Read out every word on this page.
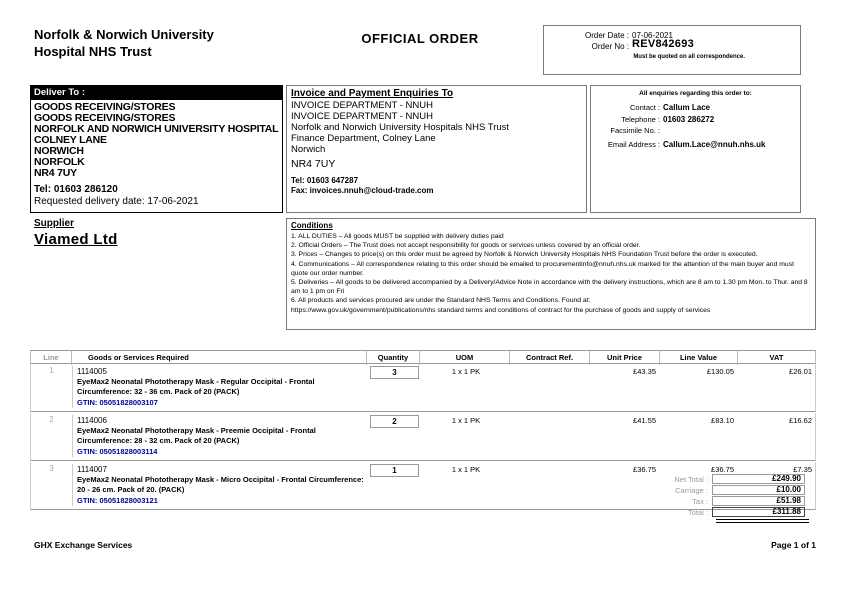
Norfolk & Norwich University
Hospital NHS Trust
OFFICIAL ORDER	Order Date : 07-06-2021
Order No : REV842693
Must be quoted on all correspondence.
Deliver To :
GOODS RECEIVING/STORES
GOODS RECEIVING/STORES
NORFOLK AND NORWICH UNIVERSITY HOSPITAL
COLNEY LANE
NORWICH
NORFOLK
NR4 7UY
Tel: 01603 286120
Requested delivery date: 17-06-2021
Invoice and Payment Enquiries To
INVOICE DEPARTMENT - NNUH
INVOICE DEPARTMENT - NNUH
Norfolk and Norwich University Hospitals NHS Trust
Finance Department, Colney Lane
Norwich
NR4 7UY
Tel: 01603 647287
Fax: invoices.nnuh@cloud-trade.com
All enquiries regarding this order to:
Contact : Callum Lace
Telephone : 01603 286272
Facsimile No. :
Email Address : Callum.Lace@nnuh.nhs.uk
Supplier
Viamed Ltd
Conditions
1. ALL DUTIES – All goods MUST be supplied with delivery duties paid
2. Official Orders – The Trust does not accept responsibility for goods or services unless covered by an official order.
3. Prices – Changes to price(s) on this order must be agreed by Norfolk & Norwich University Hospitals NHS Foundation Trust before the order is executed.
4. Communications – All correspondence relating to this order should be emailed to procurementinfo@nnuh.nhs.uk marked for the attention of the main buyer and must quote our order number.
5. Deliveries – All goods to be delivered accompanied by a Delivery/Advice Note in accordance with the delivery instructions, which are 8 am to 1.30 pm Mon. to Thur. and 8 am to 1 pm on Fri
6. All products and services procured are under the Standard NHS Terms and Conditions. Found at:
https://www.gov.uk/government/publications/nhs standard terms and conditions of contract for the purchase of goods and supply of services
Line	Goods or Services Required	Quantity	UOM	Contract Ref.	Unit Price	Line Value	VAT
1	1114005
EyeMax2 Neonatal Phototherapy Mask - Regular Occipital - Frontal Circumference: 32 - 36 cm. Pack of 20 (PACK)
GTIN: 05051828003107
3	1 x 1 PK	£43.35	£130.05	£26.01
2	1114006
EyeMax2 Neonatal Phototherapy Mask - Preemie Occipital - Frontal Circumference: 28 - 32 cm. Pack of 20 (PACK)
GTIN: 05051828003114
2	1 x 1 PK	£41.55	£83.10	£16.62
3	1114007
EyeMax2 Neonatal Phototherapy Mask - Micro Occipital - Frontal Circumference: 20 - 26 cm. Pack of 20. (PACK)
GTIN: 05051828003121
1	1 x 1 PK	£36.75	£36.75	£7.35
Net Total :	£249.90
Carriage :	£10.00
Tax :	£51.98
Total :	£311.88
GHX Exchange Services	Page 1 of 1
